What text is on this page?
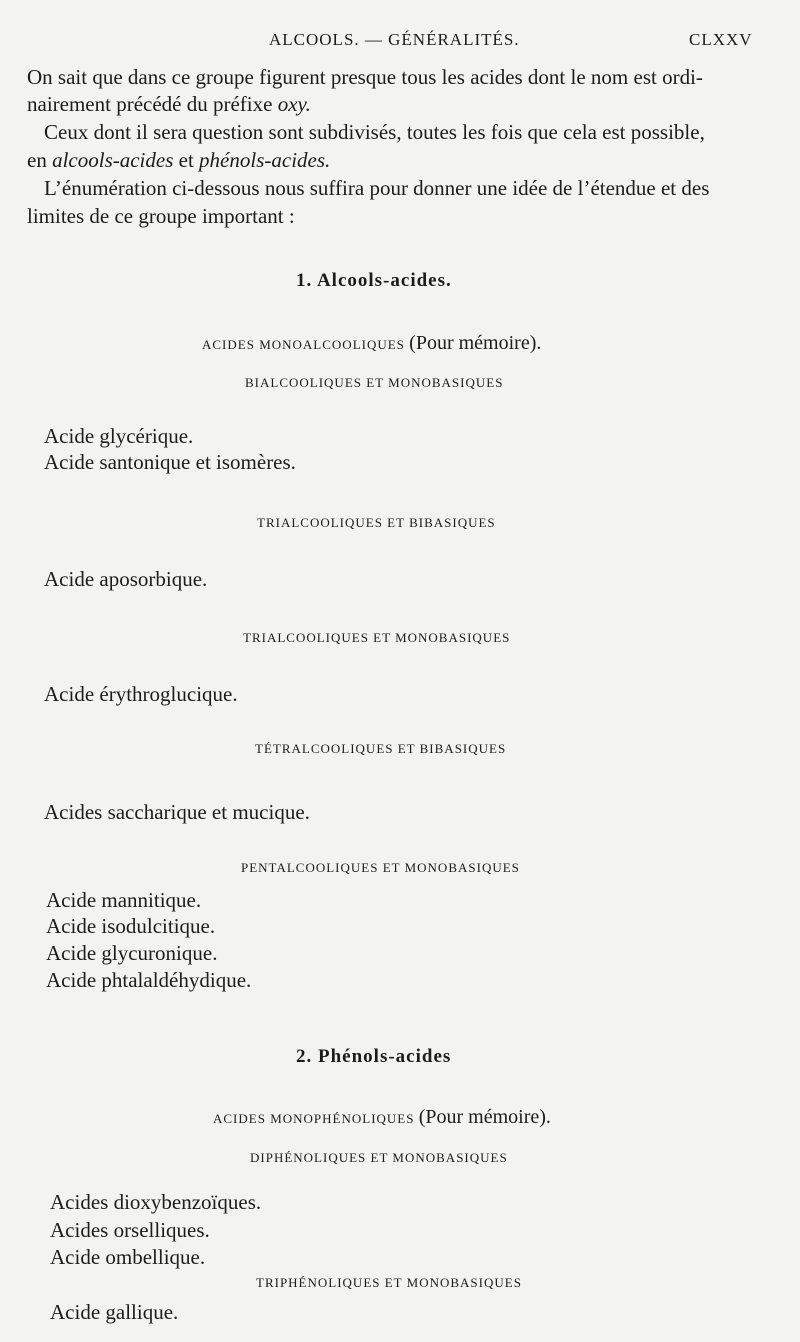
ALCOOLS. — GÉNÉRALITÉS.	CLXXV
On sait que dans ce groupe figurent presque tous les acides dont le nom est ordi-
nairement précédé du préfixe oxy.
Ceux dont il sera question sont subdivisés, toutes les fois que cela est possible,
en alcools-acides et phénols-acides.
L’énumération ci-dessous nous suffira pour donner une idée de l’étendue et des
limites de ce groupe important :
1. Alcools-acides.
ACIDES MONOALCOOLIQUES (Pour mémoire).
BIALCOOLIQUES ET MONOBASIQUES
Acide glycérique.
Acide santonique et isomères.
TRIALCOOLIQUES ET BIBASIQUES
Acide aposorbique.
TRIALCOOLIQUES ET MONOBASIQUES
Acide érythroglucique.
TÉTRALCOOLIQUES ET BIBASIQUES
Acides saccharique et mucique.
PENTALCOOLIQUES ET MONOBASIQUES
Acide mannitique.
Acide isodulcitique.
Acide glycuronique.
Acide phtalaldéhydique.
2. Phénols-acides
ACIDES MONOPHÉNOLIQUES (Pour mémoire).
DIPHÉNOLIQUES ET MONOBASIQUES
Acides dioxybenzoïques.
Acides orselliques.
Acide ombellique.
TRIPHÉNOLIQUES ET MONOBASIQUES
Acide gallique.
